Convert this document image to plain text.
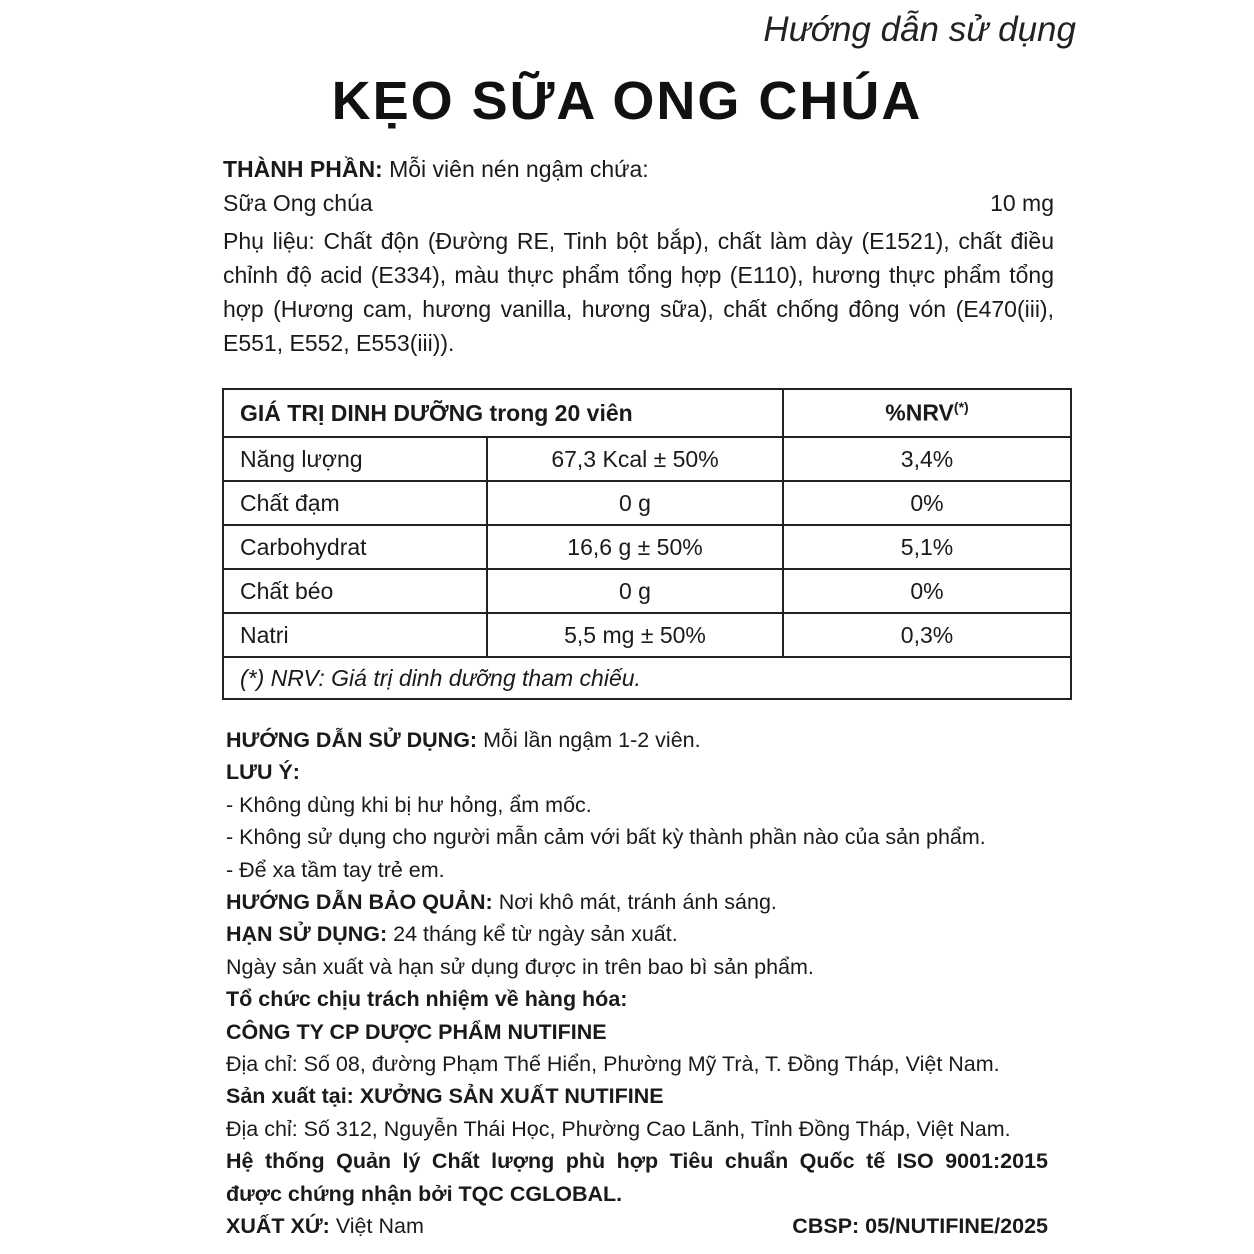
Hướng dẫn sử dụng
KẸO SỮA ONG CHÚA

THÀNH PHẦN: Mỗi viên nén ngậm chứa:

Sữa Ong chúa	10 mg

Phụ liệu: Chất độn (Đường RE, Tinh bột bắp), chất làm dày (E1521), chất điều chỉnh độ acid (E334), màu thực phẩm tổng hợp (E110), hương thực phẩm tổng hợp (Hương cam, hương vanilla, hương sữa), chất chống đông vón (E470(iii), E551, E552, E553(iii)).

GIÁ TRỊ DINH DƯỠNG trong 20 viên		%NRV(*)
Năng lượng	67,3 Kcal ± 50%	3,4%
Chất đạm	0 g	0%
Carbohydrat	16,6 g ± 50%	5,1%
Chất béo	0 g	0%
Natri	5,5 mg ± 50%	0,3%
(*) NRV: Giá trị dinh dưỡng tham chiếu.		

HƯỚNG DẪN SỬ DỤNG: Mỗi lần ngậm 1-2 viên.

LƯU Ý:

- Không dùng khi bị hư hỏng, ẩm mốc.

- Không sử dụng cho người mẫn cảm với bất kỳ thành phần nào của sản phẩm.

- Để xa tầm tay trẻ em.

HƯỚNG DẪN BẢO QUẢN: Nơi khô mát, tránh ánh sáng.

HẠN SỬ DỤNG: 24 tháng kể từ ngày sản xuất.

Ngày sản xuất và hạn sử dụng được in trên bao bì sản phẩm.

Tổ chức chịu trách nhiệm về hàng hóa:

CÔNG TY CP DƯỢC PHẨM NUTIFINE

Địa chỉ: Số 08, đường Phạm Thế Hiển, Phường Mỹ Trà, T. Đồng Tháp, Việt Nam.

Sản xuất tại: XƯỞNG SẢN XUẤT NUTIFINE

Địa chỉ: Số 312, Nguyễn Thái Học, Phường Cao Lãnh, Tỉnh Đồng Tháp, Việt Nam.

Hệ thống Quản lý Chất lượng phù hợp Tiêu chuẩn Quốc tế ISO 9001:2015

được chứng nhận bởi TQC CGLOBAL.

XUẤT XỨ: Việt Nam	CBSP: 05/NUTIFINE/2025
